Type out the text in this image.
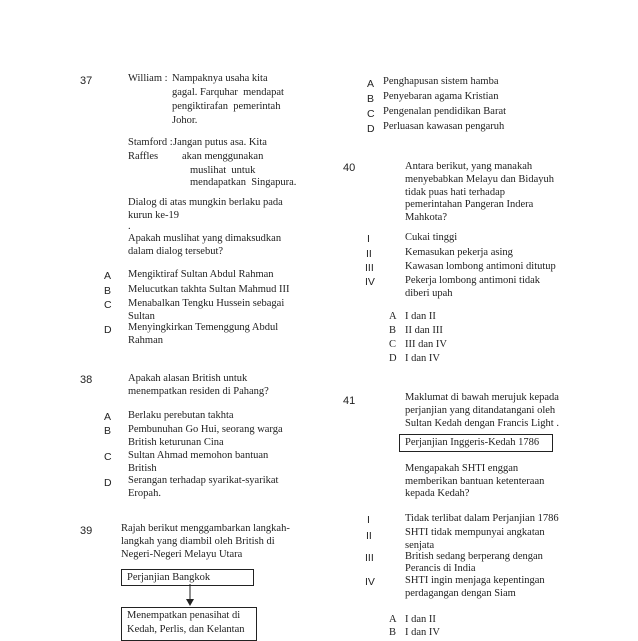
37	William : Nampaknya usaha kita
gagal. Farquhar  mendapat
pengiktirafan  pemerintah
Johor.
Stamford :
Raffles
Jangan putus asa. Kita
akan menggunakan
muslihat  untuk
mendapatkan  Singapura.
Dialog di atas mungkin berlaku pada
kurun ke-19
.
Apakah muslihat yang dimaksudkan
dalam dialog tersebut?
A Mengiktiraf Sultan Abdul Rahman
B Melucutkan takhta Sultan Mahmud III
C Menabalkan Tengku Hussein sebagai
Sultan
D Menyingkirkan Temenggung Abdul
Rahman
38	Apakah alasan British untuk
menempatkan residen di Pahang?
A Berlaku perebutan takhta
B Pembunuhan Go Hui, seorang warga
British keturunan Cina
C Sultan Ahmad memohon bantuan
British
D Serangan terhadap syarikat-syarikat
Eropah.
39	Rajah berikut menggambarkan langkah-
langkah yang diambil oleh British di
Negeri-Negeri Melayu Utara
Perjanjian Bangkok
Menempatkan penasihat di
Kedah, Perlis, dan Kelantan
A Penghapusan sistem hamba
B Penyebaran agama Kristian
C Pengenalan pendidikan Barat
D Perluasan kawasan pengaruh
40	Antara berikut, yang manakah
menyebabkan Melayu dan Bidayuh
tidak puas hati terhadap
pemerintahan Pangeran Indera
Mahkota?
I	Cukai tinggi
II	Kemasukan pekerja asing
III	Kawasan lombong antimoni ditutup
IV	Pekerja lombong antimoni tidak
diberi upah
A I dan II
B II dan III
C III dan IV
D I dan IV
41	Maklumat di bawah merujuk kepada
perjanjian yang ditandatangani oleh
Sultan Kedah dengan Francis Light .
Perjanjian Inggeris-Kedah 1786
Mengapakah SHTI enggan
memberikan bantuan ketenteraan
kepada Kedah?
I	Tidak terlibat dalam Perjanjian 1786
II	SHTI tidak mempunyai angkatan
senjata
III	British sedang berperang dengan
Perancis di India
IV	SHTI ingin menjaga kepentingan
perdagangan dengan Siam
A I dan II
B I dan IV
